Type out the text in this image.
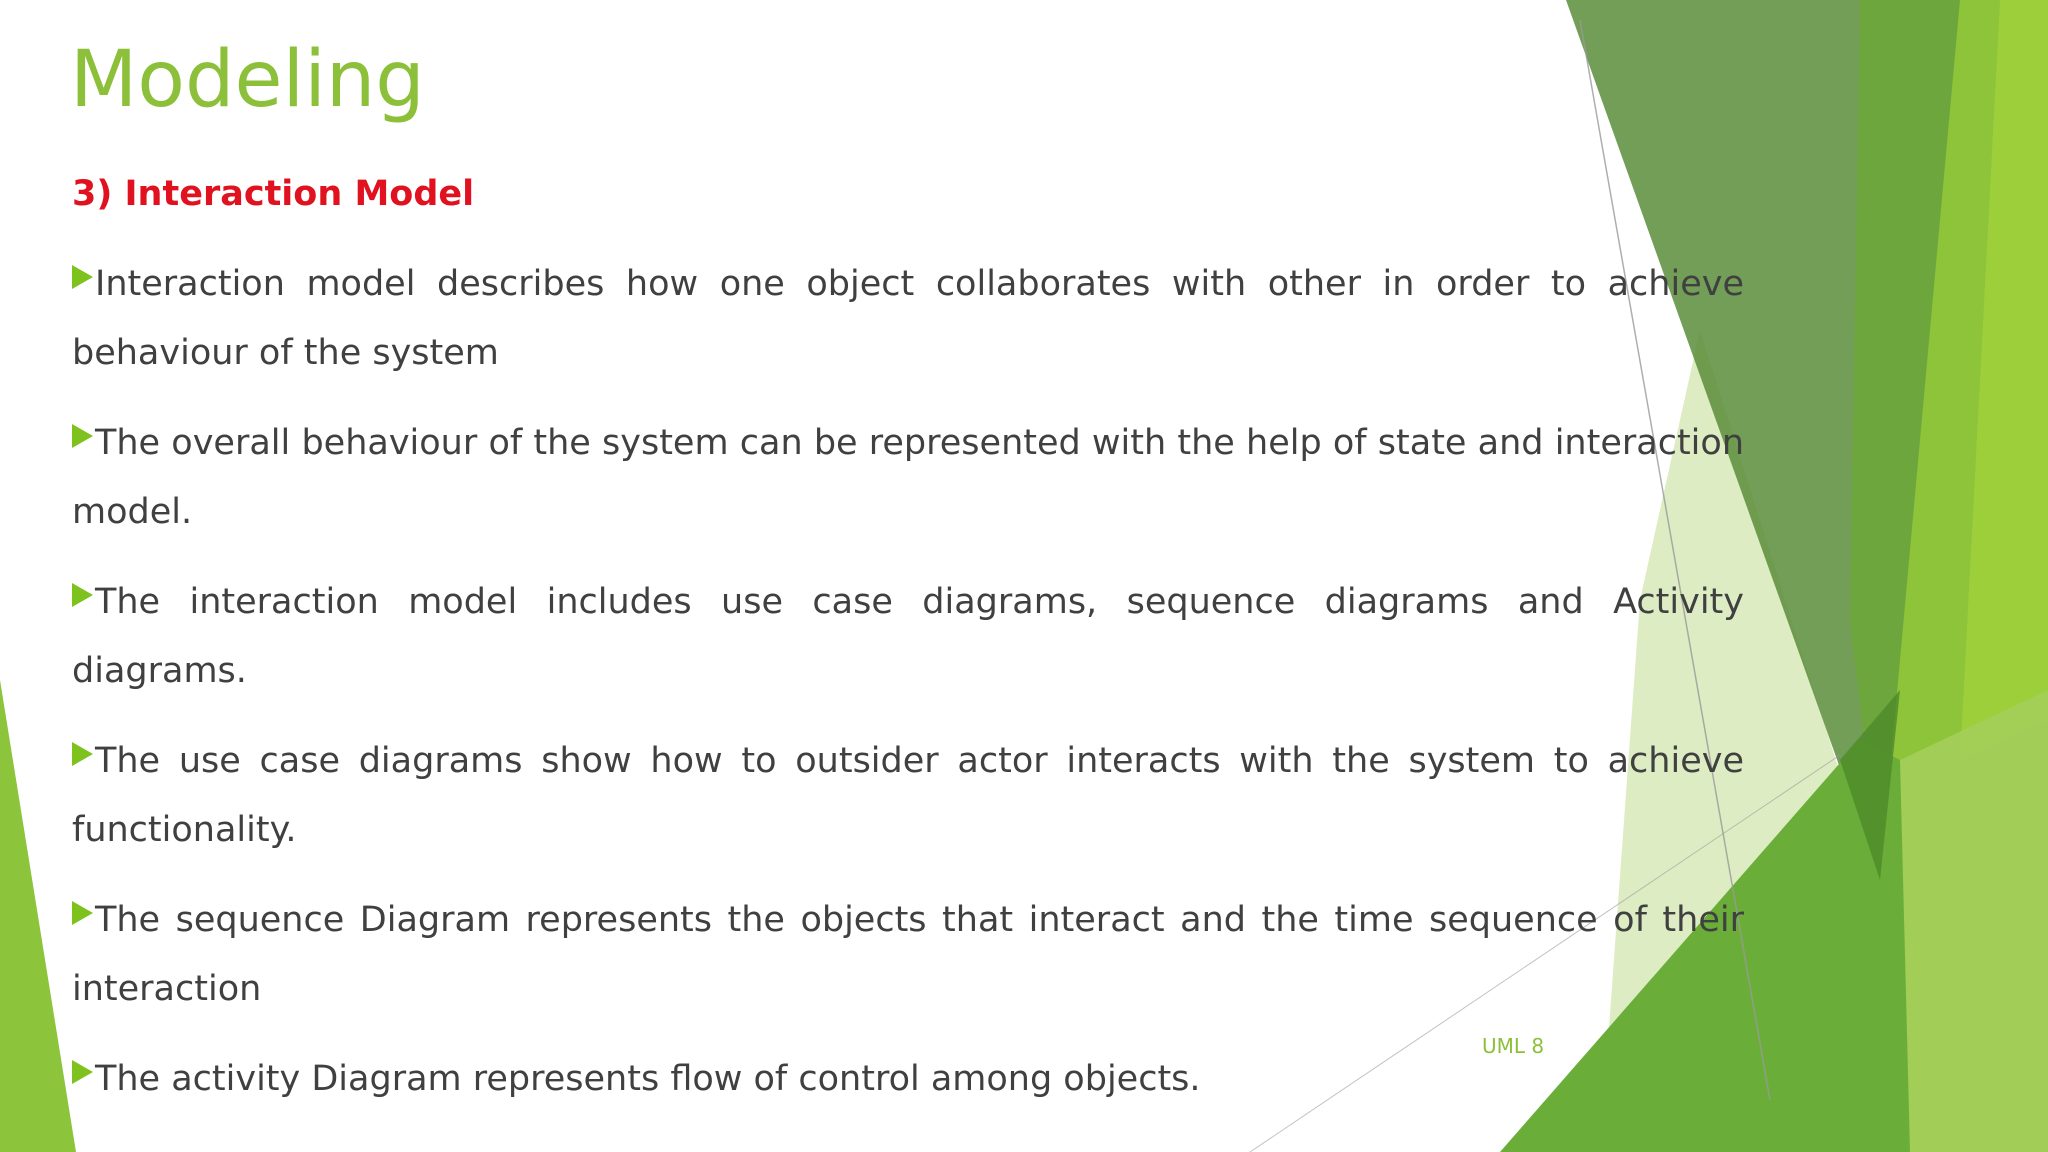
Modeling
3) Interaction Model
Interaction model describes how one object collaborates with other in order to achieve behaviour of the system
The overall behaviour of the system can be represented with the help of state and interaction model.
The interaction model includes use case diagrams, sequence diagrams and Activity diagrams.
The use case diagrams show how to outsider actor interacts with the system to achieve functionality.
The sequence Diagram represents the objects that interact and the time sequence of their interaction
The activity Diagram represents flow of control among objects.
UML 8
